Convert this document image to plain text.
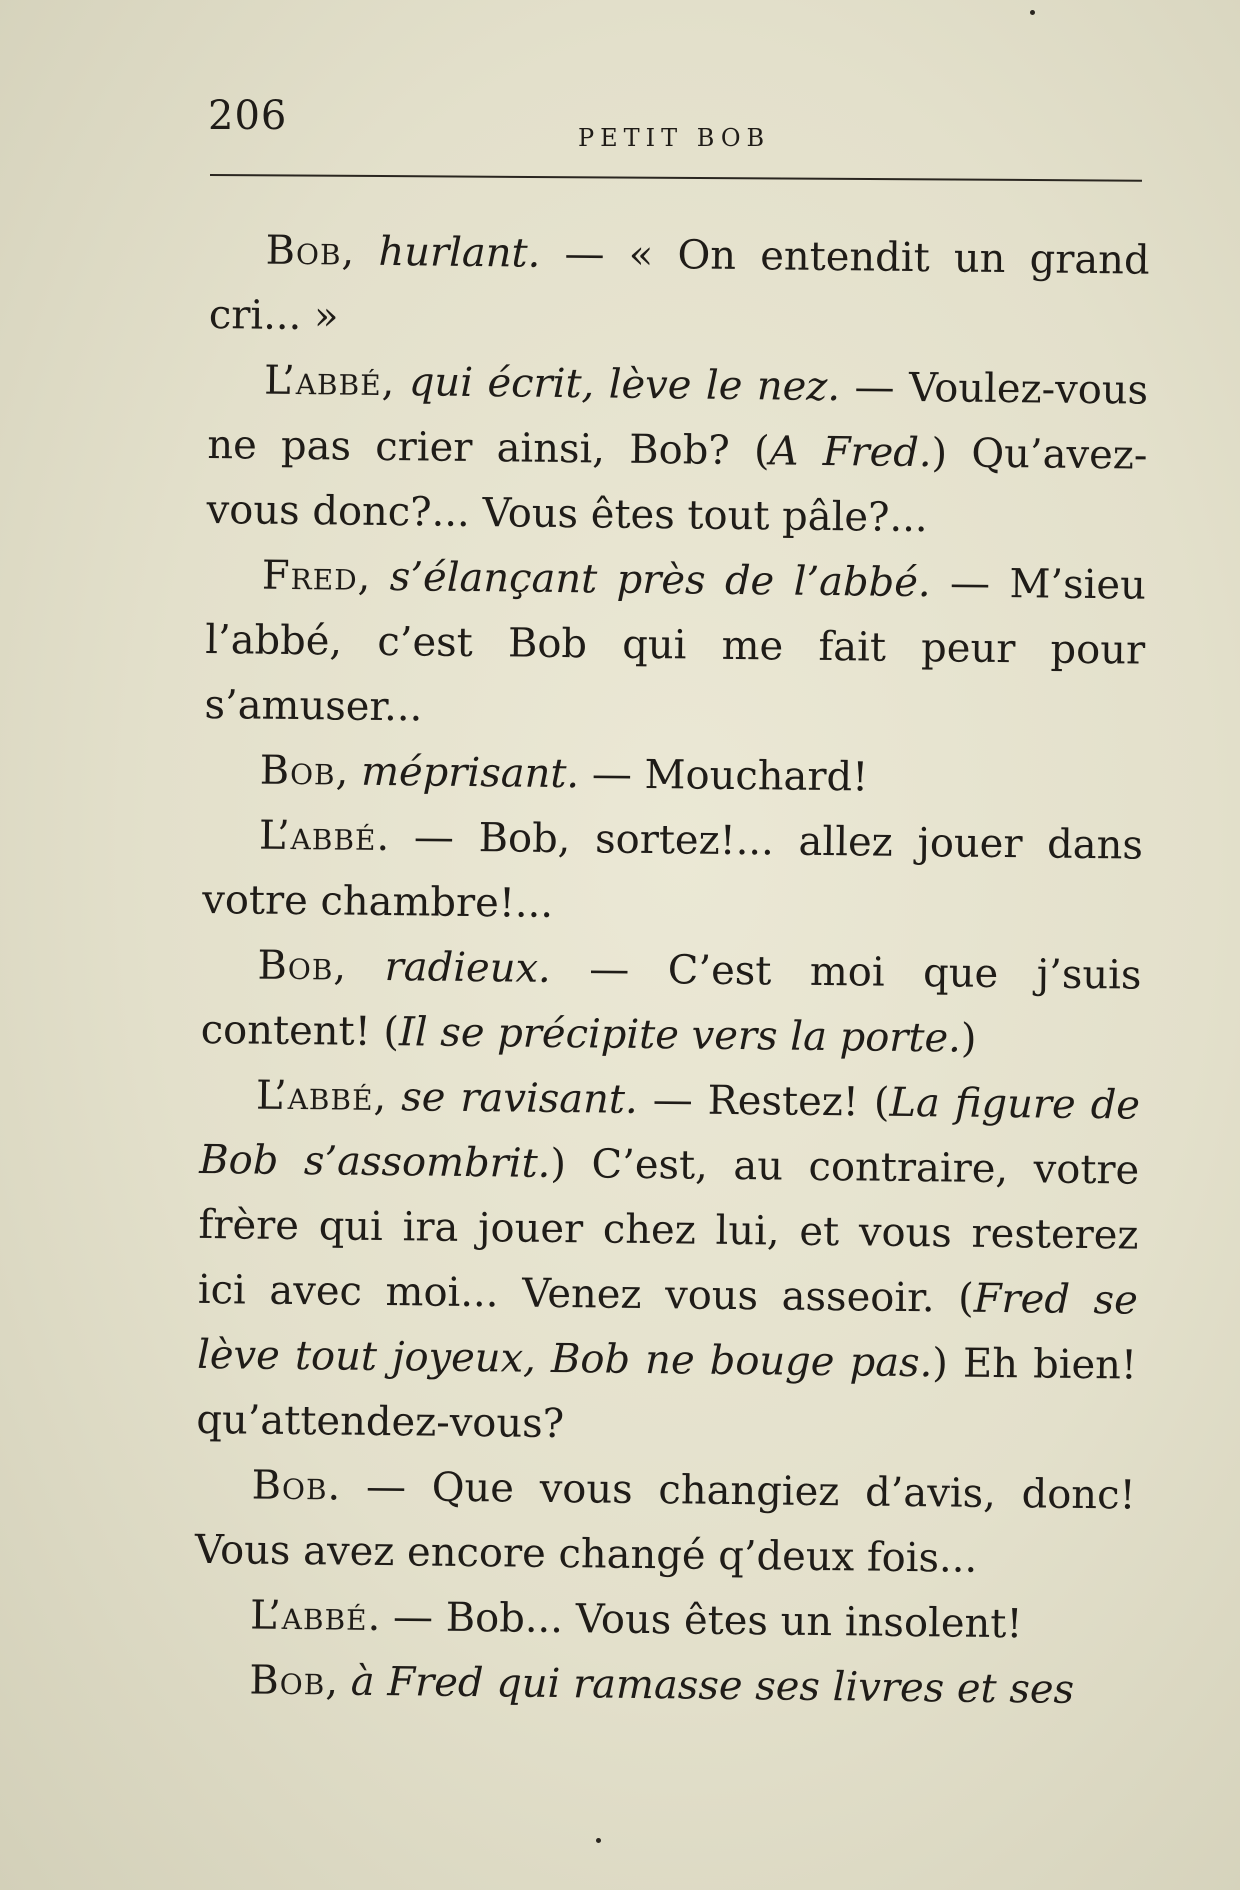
206	PETIT BOB

Bob, hurlant. — « On entendit un grand cri... »

L’abbé, qui écrit, lève le nez. — Voulez-vous ne pas crier ainsi, Bob? (A Fred.) Qu’avez-vous donc?... Vous êtes tout pâle?...

Fred, s’élançant près de l’abbé. — M’sieu l’abbé, c’est Bob qui me fait peur pour s’amuser...

Bob, méprisant. — Mouchard!

L’abbé. — Bob, sortez!... allez jouer dans votre chambre!...

Bob, radieux. — C’est moi que j’suis content! (Il se précipite vers la porte.)

L’abbé, se ravisant. — Restez! (La figure de Bob s’assombrit.) C’est, au contraire, votre frère qui ira jouer chez lui, et vous resterez ici avec moi... Venez vous asseoir. (Fred se lève tout joyeux, Bob ne bouge pas.) Eh bien! qu’attendez-vous?

Bob. — Que vous changiez d’avis, donc! Vous avez encore changé q’deux fois...

L’abbé. — Bob... Vous êtes un insolent!

Bob, à Fred qui ramasse ses livres et ses
